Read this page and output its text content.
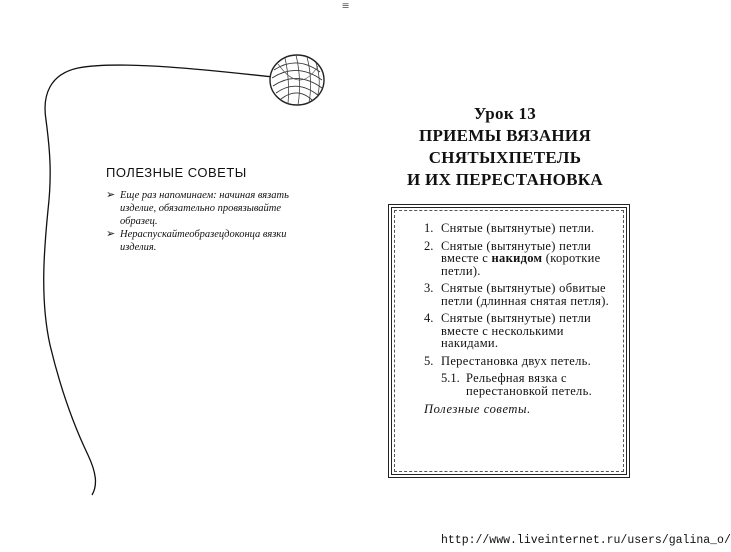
≡
ПОЛЕЗНЫЕ СОВЕТЫ
➢ Еще раз напоминаем: начиная вязать изделие, обязательно провязывайте образец.
➢ Нераспускайтеобразецдоконца вязки изделия.
Урок 13
ПРИЕМЫ ВЯЗАНИЯ
СНЯТЫХПЕТЕЛЬ
И ИХ ПЕРЕСТАНОВКА
1. Снятые (вытянутые) петли.
2. Снятые (вытянутые) петли вместе с накидом (короткие петли).
3. Снятые (вытянутые) обвитые петли (длинная снятая петля).
4. Снятые (вытянутые) петли вместе с несколькими накидами.
5. Перестановка двух петель.
5.1. Рельефная вязка с перестановкой петель.
Полезные советы.
http://www.liveinternet.ru/users/galina_o/
